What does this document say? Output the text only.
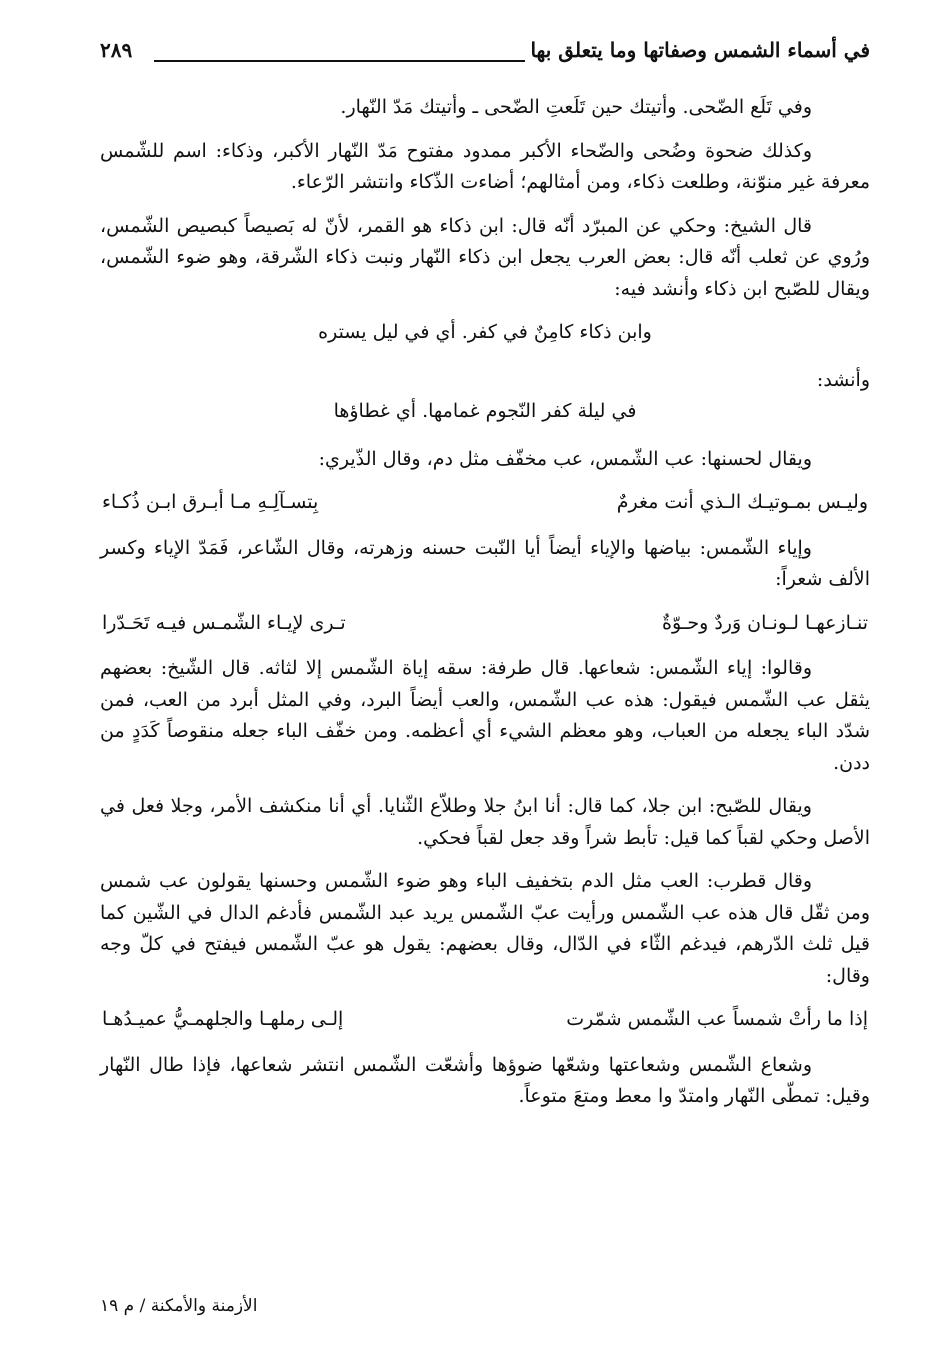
في أسماء الشمس وصفاتها وما يتعلق بها
٢٨٩

وفي تَلَع الضّحى. وأتيتك حين تَلَعتِ الضّحى ـ وأتيتك مَدّ النّهار.

وكذلك ضحوة وضُحى والضّحاء الأكبر ممدود مفتوح مَدّ النّهار الأكبر، وذكاء: اسم للشّمس معرفة غير منوّنة، وطلعت ذكاء، ومن أمثالهم؛ أضاءت الذّكاء وانتشر الرّعاء.

قال الشيخ: وحكي عن المبرّد أنّه قال: ابن ذكاء هو القمر، لأنّ له بَصيصاً كبصيص الشّمس، ورُوي عن ثعلب أنّه قال: بعض العرب يجعل ابن ذكاء النّهار ونبت ذكاء الشّرقة، وهو ضوء الشّمس، ويقال للصّبح ابن ذكاء وأنشد فيه:

وابن ذكاء كامِنٌ في كفر. أي في ليل يستره

وأنشد:

في ليلة كفر النّجوم غمامها. أي غطاؤها

ويقال لحسنها: عب الشّمس، عب مخفّف مثل دم، وقال الذّيري:

وليـس بمـوتيـك الـذي أنت مغرمٌ
بِتسـآلِـهِ مـا أبـرق ابـن ذُكـاء

وإياء الشّمس: بياضها والإياء أيضاً أيا النّبت حسنه وزهرته، وقال الشّاعر، فَمَدّ الإياء وكسر الألف شعراً:

تنـازعهـا لـونـان وَردٌ وحـوّةٌ
تـرى لإيـاء الشّمـس فيـه تَحَـدّرا

وقالوا: إياء الشّمس: شعاعها. قال طرفة: سقه إياة الشّمس إلا لثاثه. قال الشّيخ: بعضهم يثقل عب الشّمس فيقول: هذه عب الشّمس، والعب أيضاً البرد، وفي المثل أبرد من العب، فمن شدّد الباء يجعله من العباب، وهو معظم الشيء أي أعظمه. ومن خفّف الباء جعله منقوصاً كَدَدٍ من ددن.

ويقال للصّبح: ابن جلا، كما قال: أنا ابنُ جلا وطلاّع الثّنايا. أي أنا منكشف الأمر، وجلا فعل في الأصل وحكي لقباً كما قيل: تأبط شراً وقد جعل لقباً فحكي.

وقال قطرب: العب مثل الدم بتخفيف الباء وهو ضوء الشّمس وحسنها يقولون عب شمس ومن ثقّل قال هذه عب الشّمس ورأيت عبّ الشّمس يريد عبد الشّمس فأدغم الدال في الشّين كما قيل ثلث الدّرهم، فيدغم الثّاء في الدّال، وقال بعضهم: يقول هو عبّ الشّمس فيفتح في كلّ وجه وقال:

إذا ما رأتْ شمساً عب الشّمس شمّرت
إلـى رملهـا والجلهمـيُّ عميـدُهـا

وشعاع الشّمس وشعاعتها وشعّها ضوؤها وأشعّت الشّمس انتشر شعاعها، فإذا طال النّهار وقيل: تمطّى النّهار وامتدّ وا معط ومتعَ متوعاً.

الأزمنة والأمكنة / م ١٩
